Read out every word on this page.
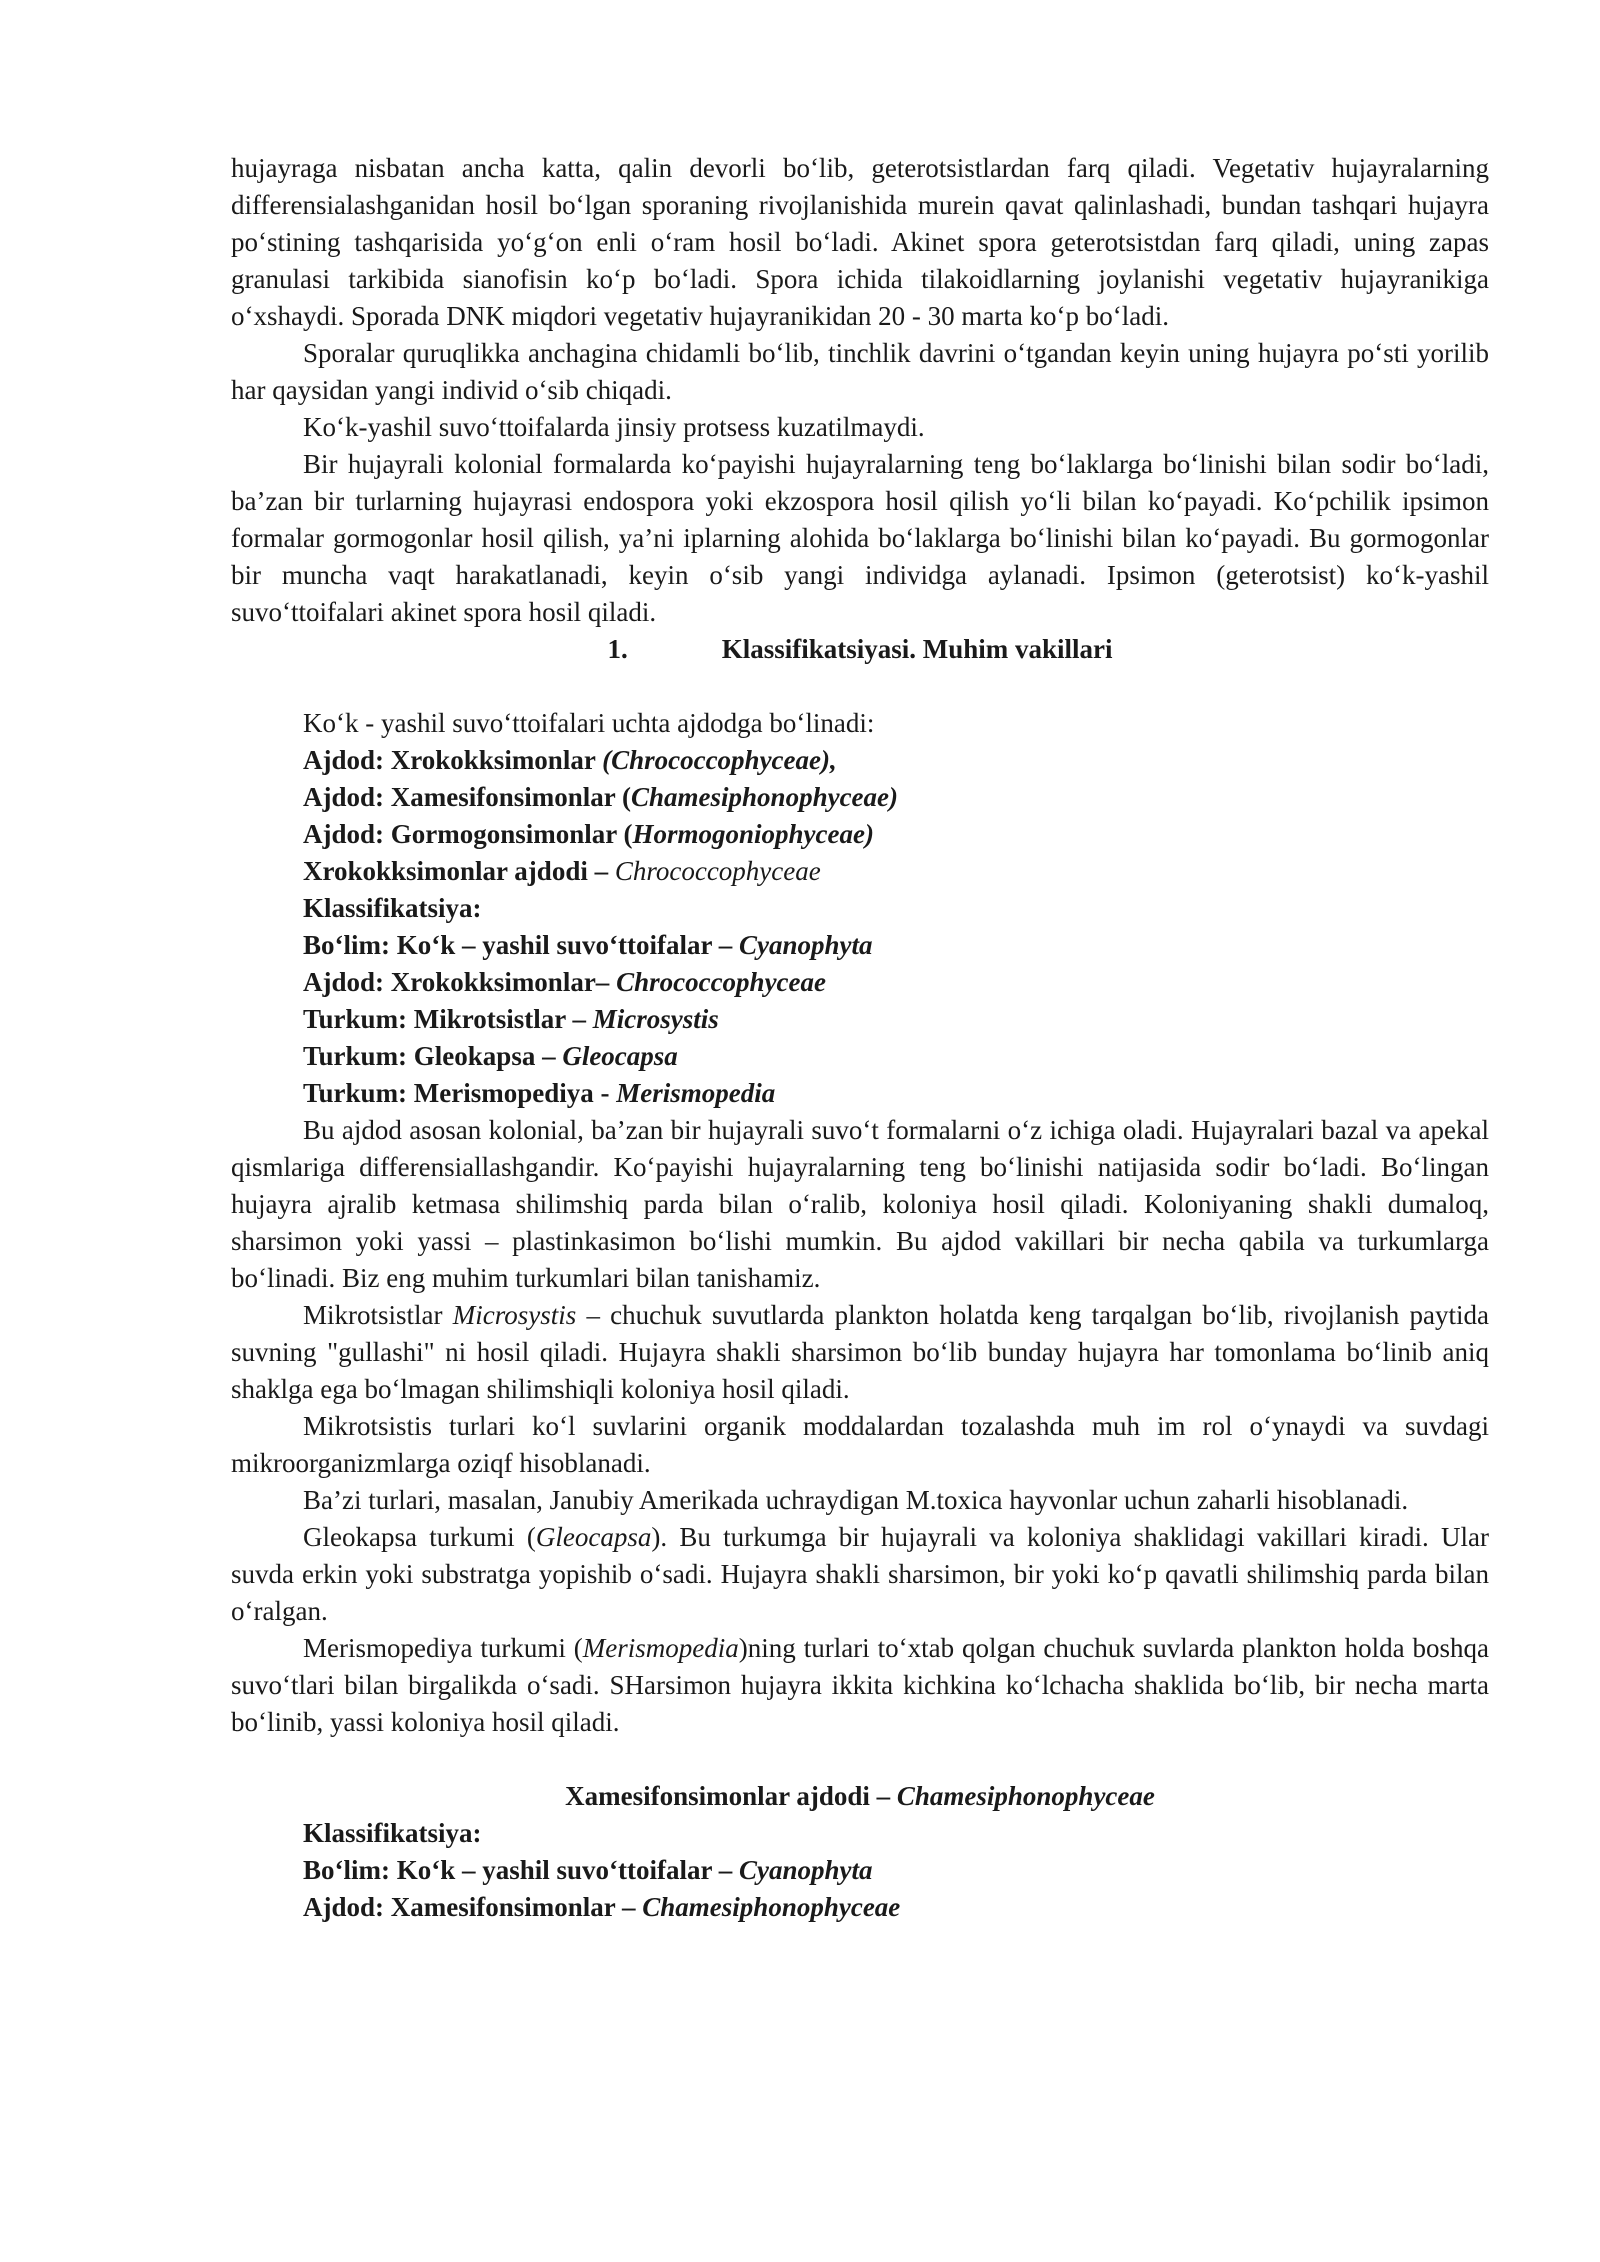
hujayraga nisbatan ancha katta, qalin devorli boʻlib, geterotsistlardan farq qiladi. Vegetativ hujayralarning differensialashganidan hosil boʻlgan sporaning rivojlanishida murein qavat qalinlashadi, bundan tashqari hujayra poʻstining tashqarisida yoʻgʻon enli oʻram hosil boʻladi. Akinet spora geterotsistdan farq qiladi, uning zapas granulasi tarkibida sianofisin koʻp boʻladi. Spora ichida tilakoidlarning joylanishi vegetativ hujayranikiga oʻxshaydi. Sporada DNK miqdori vegetativ hujayranikidan 20 - 30 marta koʻp boʻladi.

Sporalar quruqlikka anchagina chidamli boʻlib, tinchlik davrini oʻtgandan keyin uning hujayra poʻsti yorilib har qaysidan yangi individ oʻsib chiqadi.

Koʻk-yashil suvoʻttoifalarda jinsiy protsess kuzatilmaydi.

Bir hujayrali kolonial formalarda koʻpayishi hujayralarning teng boʻlaklarga boʻlinishi bilan sodir boʻladi, ba’zan bir turlarning hujayrasi endospora yoki ekzospora hosil qilish yoʻli bilan koʻpayadi. Koʻpchilik ipsimon formalar gormogonlar hosil qilish, ya’ni iplarning alohida boʻlaklarga boʻlinishi bilan koʻpayadi. Bu gormogonlar bir muncha vaqt harakatlanadi, keyin oʻsib yangi individga aylanadi. Ipsimon (geterotsist) koʻk-yashil suvoʻttoifalari akinet spora hosil qiladi.

1.	Klassifikatsiyasi. Muhim vakillari

Koʻk - yashil suvoʻttoifalari uchta ajdodga boʻlinadi:

Ajdod: Xrokokksimonlar (Chrococcophyceae),

Ajdod: Xamesifonsimonlar (Chamesiphonophyceae)

Ajdod: Gormogonsimonlar (Hormogoniophyceae)

Xrokokksimonlar ajdodi – Chrococcophyceae

Klassifikatsiya:

Boʻlim: Koʻk – yashil suvoʻttoifalar – Cyanophyta

Ajdod: Xrokokksimonlar– Chrococcophyceae

Turkum: Mikrotsistlar – Microsystis

Turkum: Gleokapsa – Gleocapsa

Turkum: Merismopediya - Merismopedia

Bu ajdod asosan kolonial, ba’zan bir hujayrali suvoʻt formalarni oʻz ichiga oladi. Hujayralari bazal va apekal qismlariga differensiallashgandir. Koʻpayishi hujayralarning teng boʻlinishi natijasida sodir boʻladi. Boʻlingan hujayra ajralib ketmasa shilimshiq parda bilan oʻralib, koloniya hosil qiladi. Koloniyaning shakli dumaloq, sharsimon yoki yassi – plastinkasimon boʻlishi mumkin. Bu ajdod vakillari bir necha qabila va turkumlarga boʻlinadi. Biz eng muhim turkumlari bilan tanishamiz.

Mikrotsistlar Microsystis – chuchuk suvutlarda plankton holatda keng tarqalgan boʻlib, rivojlanish paytida suvning "gullashi" ni hosil qiladi. Hujayra shakli sharsimon boʻlib bunday hujayra har tomonlama boʻlinib aniq shaklga ega boʻlmagan shilimshiqli koloniya hosil qiladi.

Mikrotsistis turlari koʻl suvlarini organik moddalardan tozalashda muh im rol oʻynaydi va suvdagi mikroorganizmlarga oziqf hisoblanadi.

Ba’zi turlari, masalan, Janubiy Amerikada uchraydigan M.toxica hayvonlar uchun zaharli hisoblanadi.

Gleokapsa turkumi (Gleocapsa). Bu turkumga bir hujayrali va koloniya shaklidagi vakillari kiradi. Ular suvda erkin yoki substratga yopishib oʻsadi. Hujayra shakli sharsimon, bir yoki koʻp qavatli shilimshiq parda bilan oʻralgan.

Merismopediya turkumi (Merismopedia)ning turlari toʻxtab qolgan chuchuk suvlarda plankton holda boshqa suvoʻtlari bilan birgalikda oʻsadi. SHarsimon hujayra ikkita kichkina koʻlchacha shaklida boʻlib, bir necha marta boʻlinib, yassi koloniya hosil qiladi.

Xamesifonsimonlar ajdodi – Chamesiphonophyceae

Klassifikatsiya:

Boʻlim: Koʻk – yashil suvoʻttoifalar – Cyanophyta

Ajdod: Xamesifonsimonlar – Chamesiphonophyceae
